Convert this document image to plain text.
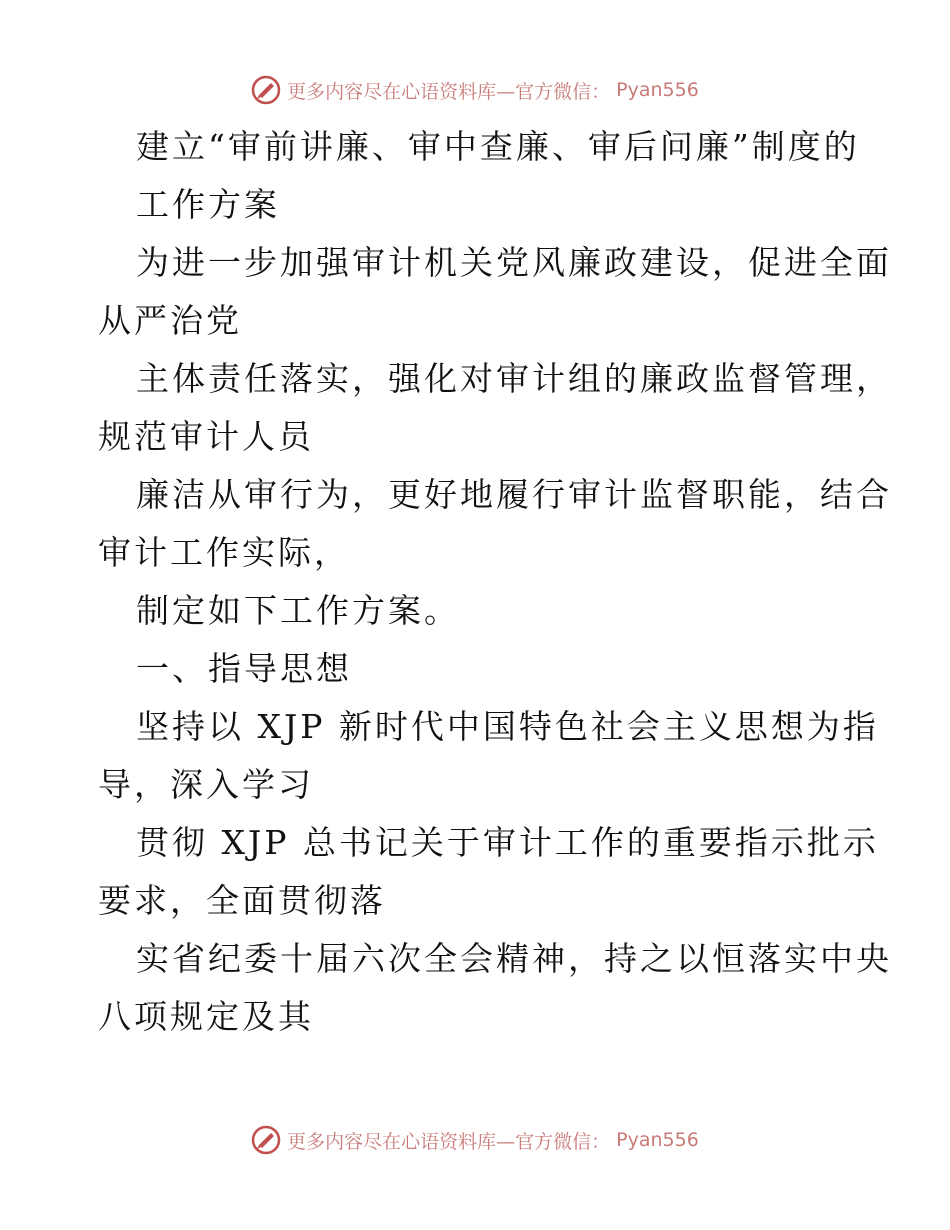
更多内容尽在心语资料库—官方微信： Pyan556
建立“审前讲廉、审中查廉、审后问廉”制度的
工作方案
为进一步加强审计机关党风廉政建设，促进全面
从严治党
主体责任落实，强化对审计组的廉政监督管理，
规范审计人员
廉洁从审行为，更好地履行审计监督职能，结合
审计工作实际，
制定如下工作方案。
一、指导思想
坚持以 XJP 新时代中国特色社会主义思想为指
导，深入学习
贯彻 XJP 总书记关于审计工作的重要指示批示
要求，全面贯彻落
实省纪委十届六次全会精神，持之以恒落实中央
八项规定及其
更多内容尽在心语资料库—官方微信： Pyan556
